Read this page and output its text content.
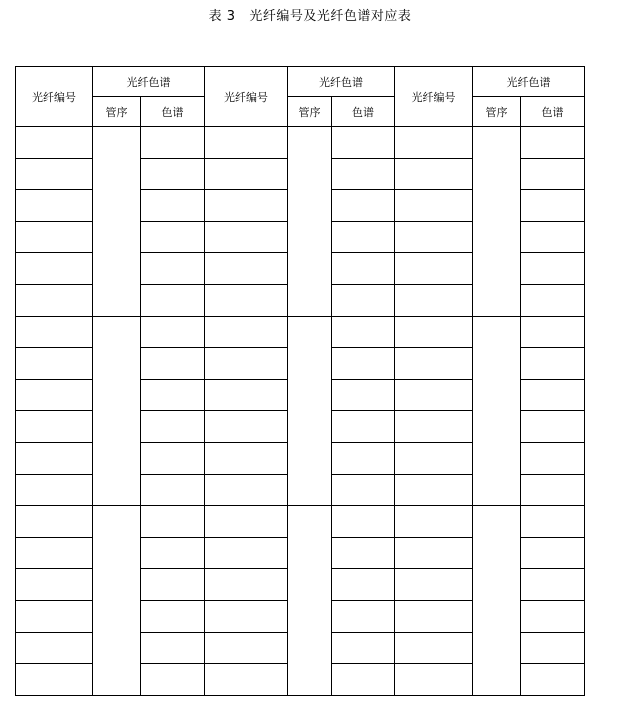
表 3   光纤编号及光纤色谱对应表
光纤编号	光纤色谱		光纤编号	光纤色谱		光纤编号	光纤色谱	
	管序	色谱		管序	色谱		管序	色谱
